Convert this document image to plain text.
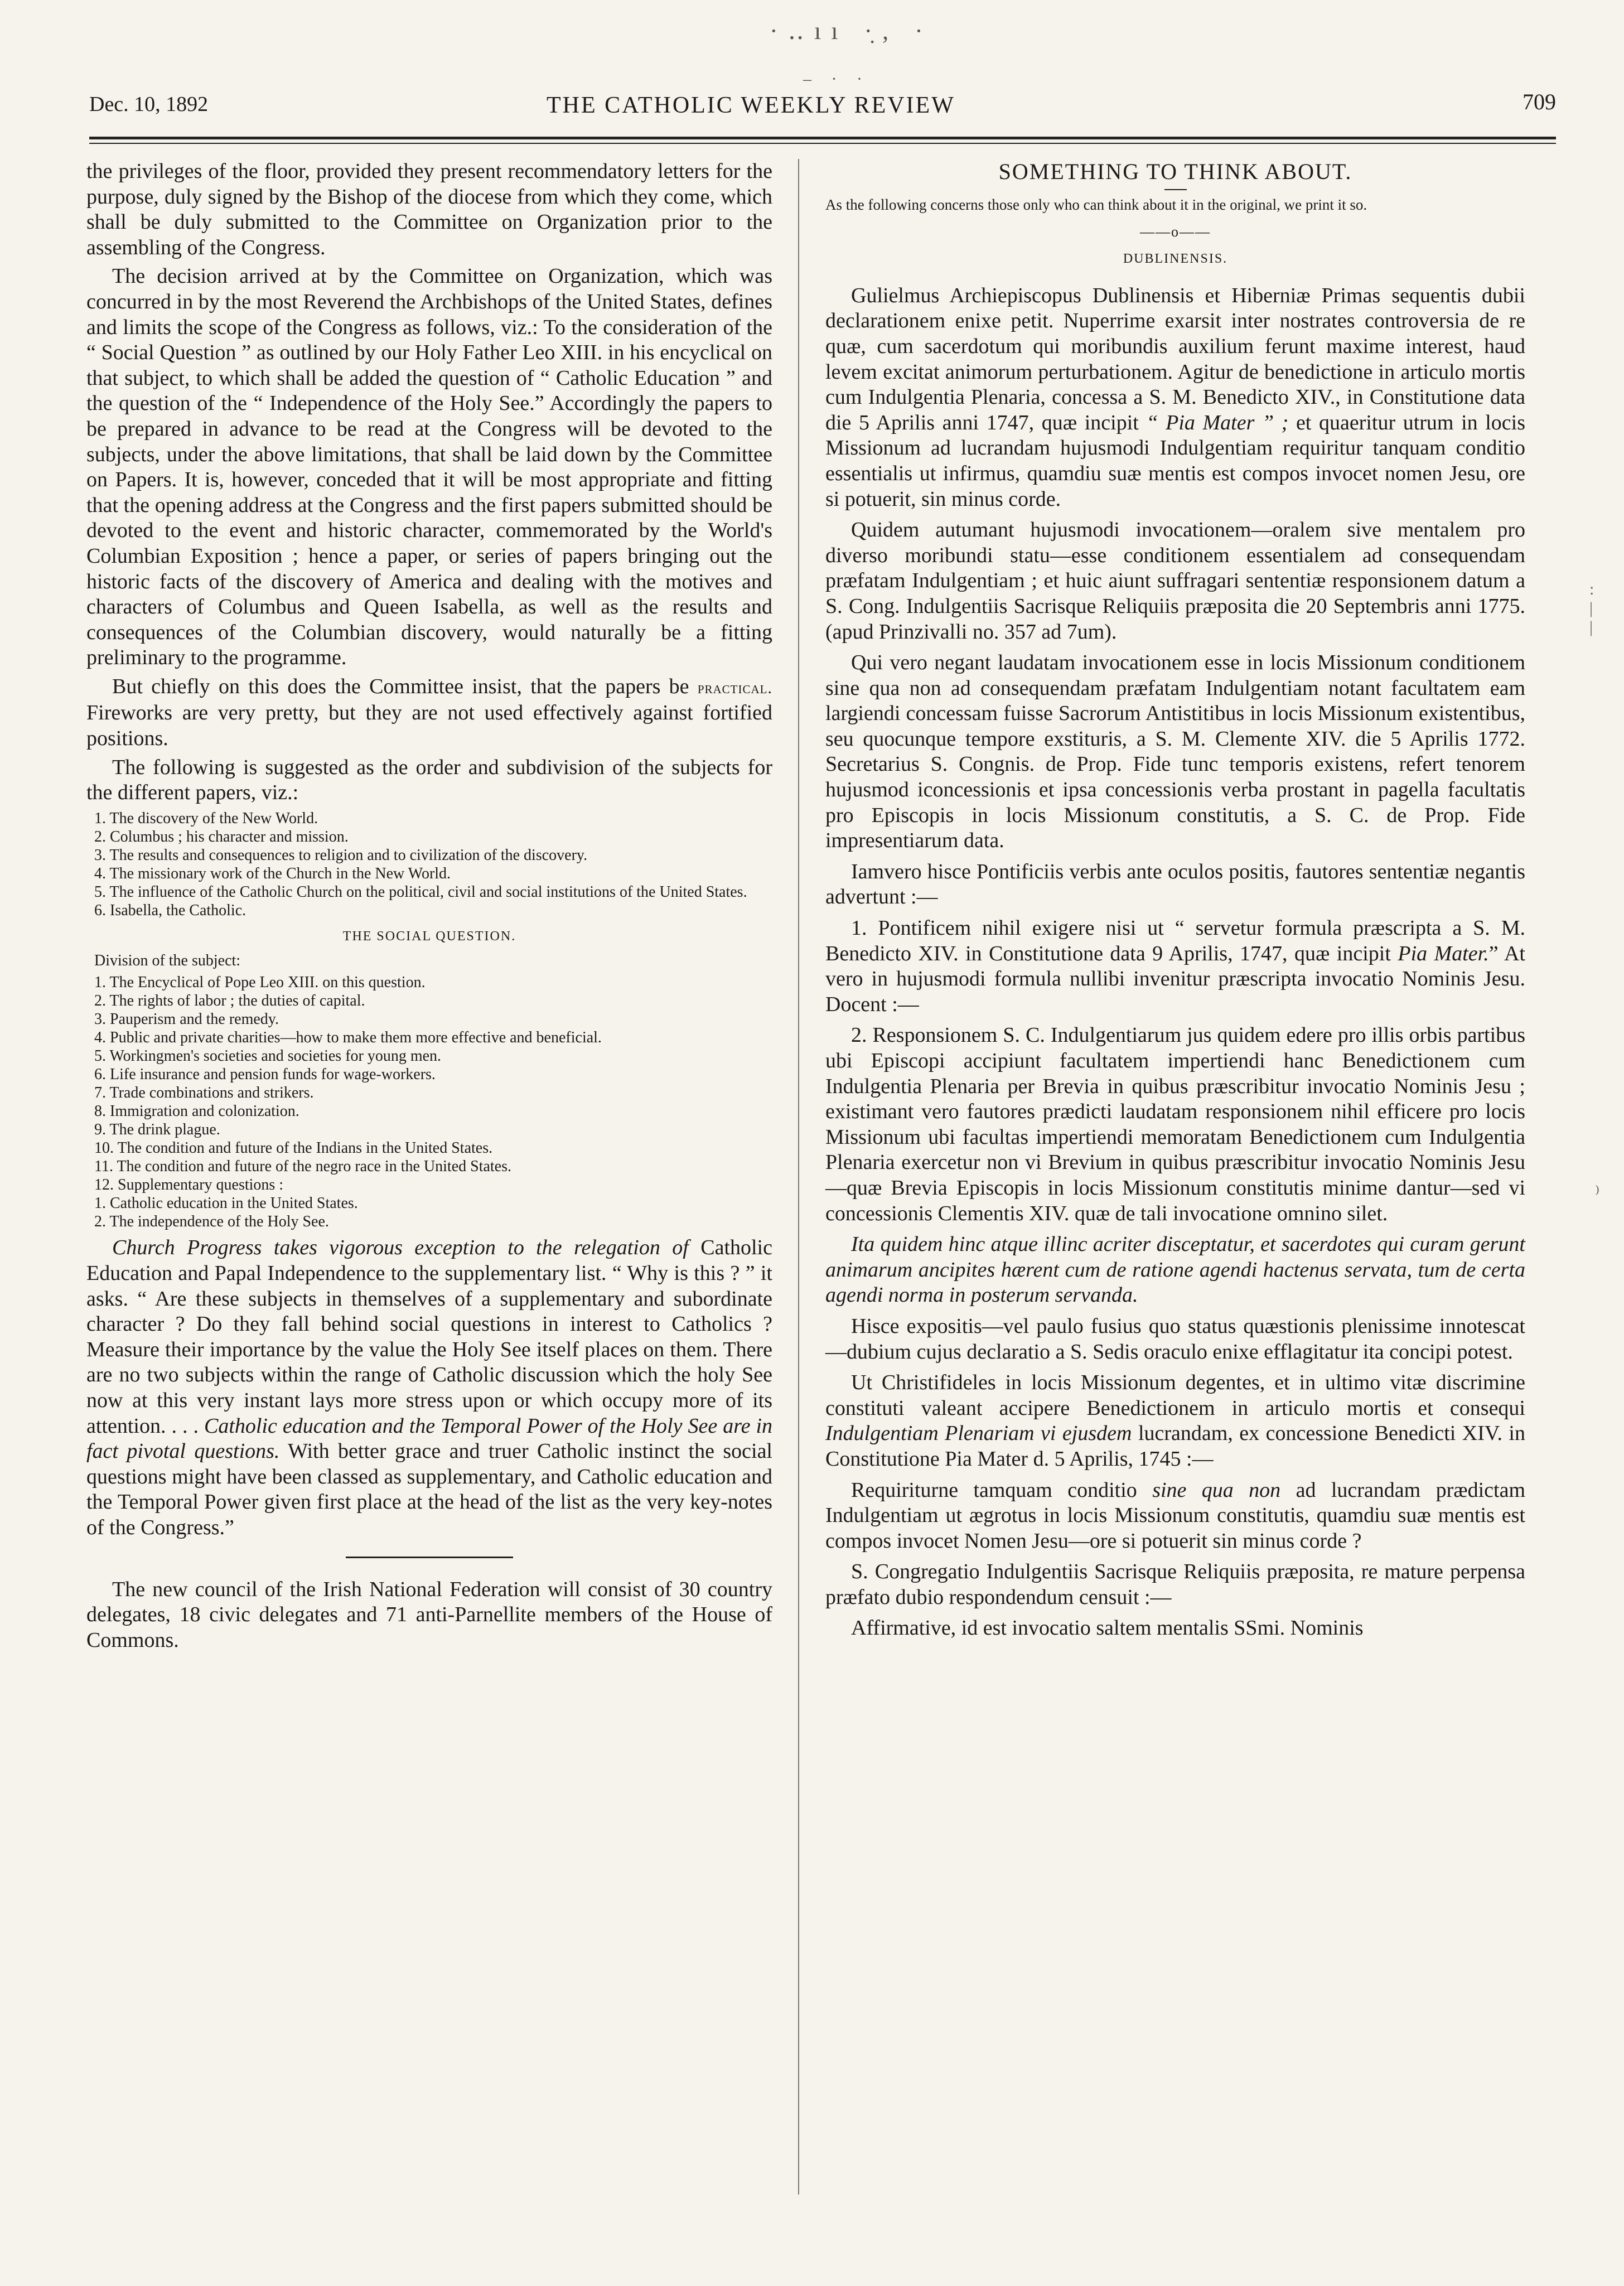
·‥ıı ·̣, ·
– · ·
Dec. 10, 1892	THE CATHOLIC WEEKLY REVIEW	709

the privileges of the floor, provided they present recommendatory letters for the purpose, duly signed by the Bishop of the diocese from which they come, which shall be duly submitted to the Committee on Organization prior to the assembling of the Congress.

The decision arrived at by the Committee on Organization, which was concurred in by the most Reverend the Archbishops of the United States, defines and limits the scope of the Congress as follows, viz.: To the consideration of the “ Social Question ” as outlined by our Holy Father Leo XIII. in his encyclical on that subject, to which shall be added the question of “ Catholic Education ” and the question of the “ Independence of the Holy See.” Accordingly the papers to be prepared in advance to be read at the Congress will be devoted to the subjects, under the above limitations, that shall be laid down by the Committee on Papers. It is, however, conceded that it will be most appropriate and fitting that the opening address at the Congress and the first papers submitted should be devoted to the event and historic character, commemorated by the World's Columbian Exposition ; hence a paper, or series of papers bringing out the historic facts of the discovery of America and dealing with the motives and characters of Columbus and Queen Isabella, as well as the results and consequences of the Columbian discovery, would naturally be a fitting preliminary to the programme.

But chiefly on this does the Committee insist, that the papers be practical. Fireworks are very pretty, but they are not used effectively against fortified positions.

The following is suggested as the order and subdivision of the subjects for the different papers, viz.:

1. The discovery of the New World.
2. Columbus ; his character and mission.
3. The results and consequences to religion and to civilization of the discovery.
4. The missionary work of the Church in the New World.
5. The influence of the Catholic Church on the political, civil and social institutions of the United States.
6. Isabella, the Catholic.
THE SOCIAL QUESTION.
Division of the subject:
1. The Encyclical of Pope Leo XIII. on this question.
2. The rights of labor ; the duties of capital.
3. Pauperism and the remedy.
4. Public and private charities—how to make them more effective and beneficial.
5. Workingmen's societies and societies for young men.
6. Life insurance and pension funds for wage-workers.
7. Trade combinations and strikers.
8. Immigration and colonization.
9. The drink plague.
10. The condition and future of the Indians in the United States.
11. The condition and future of the negro race in the United States.
12. Supplementary questions :
1. Catholic education in the United States.
2. The independence of the Holy See.

Church Progress takes vigorous exception to the relegation of Catholic Education and Papal Independence to the supplementary list. “ Why is this ? ” it asks. “ Are these subjects in themselves of a supplementary and subordinate character ? Do they fall behind social questions in interest to Catholics ? Measure their importance by the value the Holy See itself places on them. There are no two subjects within the range of Catholic discussion which the holy See now at this very instant lays more stress upon or which occupy more of its attention. . . . Catholic education and the Temporal Power of the Holy See are in fact pivotal questions. With better grace and truer Catholic instinct the social questions might have been classed as supplementary, and Catholic education and the Temporal Power given first place at the head of the list as the very key-notes of the Congress.”

The new council of the Irish National Federation will consist of 30 country delegates, 18 civic delegates and 71 anti-Parnellite members of the House of Commons.

SOMETHING TO THINK ABOUT.

As the following concerns those only who can think about it in the original, we print it so.

——o——
DUBLINENSIS.

Gulielmus Archiepiscopus Dublinensis et Hiberniæ Primas sequentis dubii declarationem enixe petit. Nuperrime exarsit inter nostrates controversia de re quæ, cum sacerdotum qui moribundis auxilium ferunt maxime interest, haud levem excitat animorum perturbationem. Agitur de benedictione in articulo mortis cum Indulgentia Plenaria, concessa a S. M. Benedicto XIV., in Constitutione data die 5 Aprilis anni 1747, quæ incipit “ Pia Mater ” ; et quaeritur utrum in locis Missionum ad lucrandam hujusmodi Indulgentiam requiritur tanquam conditio essentialis ut infirmus, quamdiu suæ mentis est compos invocet nomen Jesu, ore si potuerit, sin minus corde.

Quidem autumant hujusmodi invocationem—oralem sive mentalem pro diverso moribundi statu—esse conditionem essentialem ad consequendam præfatam Indulgentiam ; et huic aiunt suffragari sententiæ responsionem datum a S. Cong. Indulgentiis Sacrisque Reliquiis præposita die 20 Septembris anni 1775. (apud Prinzivalli no. 357 ad 7um).

Qui vero negant laudatam invocationem esse in locis Missionum conditionem sine qua non ad consequendam præfatam Indulgentiam notant facultatem eam largiendi concessam fuisse Sacrorum Antistitibus in locis Missionum existentibus, seu quocunque tempore exstituris, a S. M. Clemente XIV. die 5 Aprilis 1772. Secretarius S. Congnis. de Prop. Fide tunc temporis existens, refert tenorem hujusmod iconcessionis et ipsa concessionis verba prostant in pagella facultatis pro Episcopis in locis Missionum constitutis, a S. C. de Prop. Fide impresentiarum data.

Iamvero hisce Pontificiis verbis ante oculos positis, fautores sententiæ negantis advertunt :—

1. Pontificem nihil exigere nisi ut “ servetur formula præscripta a S. M. Benedicto XIV. in Constitutione data 9 Aprilis, 1747, quæ incipit Pia Mater.” At vero in hujusmodi formula nullibi invenitur præscripta invocatio Nominis Jesu. Docent :—

2. Responsionem S. C. Indulgentiarum jus quidem edere pro illis orbis partibus ubi Episcopi accipiunt facultatem impertiendi hanc Benedictionem cum Indulgentia Plenaria per Brevia in quibus præscribitur invocatio Nominis Jesu ; existimant vero fautores prædicti laudatam responsionem nihil efficere pro locis Missionum ubi facultas impertiendi memoratam Benedictionem cum Indulgentia Plenaria exercetur non vi Brevium in quibus præscribitur invocatio Nominis Jesu—quæ Brevia Episcopis in locis Missionum constitutis minime dantur—sed vi concessionis Clementis XIV. quæ de tali invocatione omnino silet.

Ita quidem hinc atque illinc acriter disceptatur, et sacerdotes qui curam gerunt animarum ancipites hærent cum de ratione agendi hactenus servata, tum de certa agendi norma in posterum servanda.

Hisce expositis—vel paulo fusius quo status quæstionis plenissime innotescat—dubium cujus declaratio a S. Sedis oraculo enixe efflagitatur ita concipi potest.

Ut Christifideles in locis Missionum degentes, et in ultimo vitæ discrimine constituti valeant accipere Benedictionem in articulo mortis et consequi Indulgentiam Plenariam vi ejusdem lucrandam, ex concessione Benedicti XIV. in Constitutione Pia Mater d. 5 Aprilis, 1745 :—

Requiriturne tamquam conditio sine qua non ad lucrandam prædictam Indulgentiam ut ægrotus in locis Missionum constitutis, quamdiu suæ mentis est compos invocet Nomen Jesu—ore si potuerit sin minus corde ?

S. Congregatio Indulgentiis Sacrisque Reliquiis præposita, re mature perpensa præfato dubio respondendum censuit :—

Affirmative, id est invocatio saltem mentalis SSmi. Nominis

:
|
|
⁾
